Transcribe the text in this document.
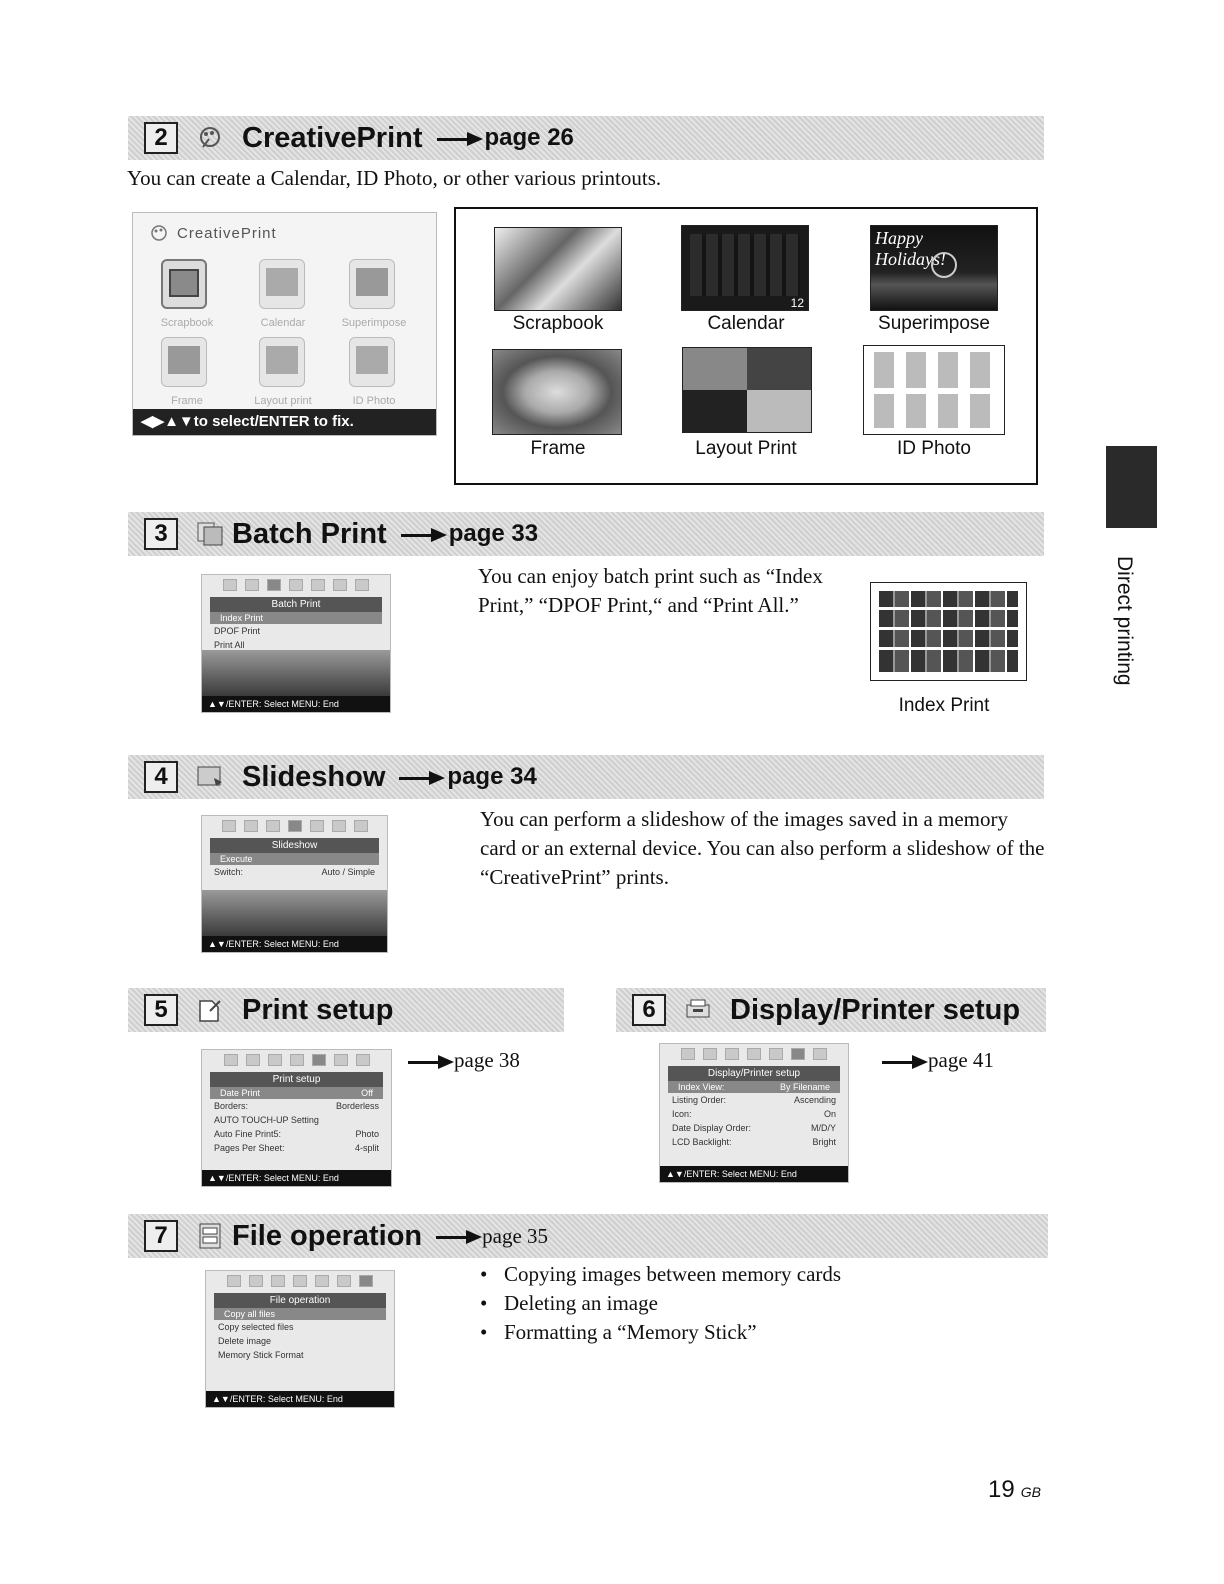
2	CreativePrint	page 26
You can create a Calendar, ID Photo, or other various printouts.
CreativePrint
Scrapbook	Calendar	Superimpose
Frame	Layout print	ID Photo
◀▶▲▼to select/ENTER to fix.
Scrapbook
12
Calendar
Happy Holidays!
Superimpose
Frame	Layout Print	ID Photo
3	Batch Print	page 33
Batch Print
Index Print
DPOF Print
Print All
▲▼/ENTER: Select MENU: End
You can enjoy batch print such as “Index Print,” “DPOF Print,“ and “Print All.”
Index Print
4	Slideshow	page 34
Slideshow
Execute
Switch:	Auto / Simple
▲▼/ENTER: Select MENU: End
You can perform a slideshow of the images saved in a memory card or an external device. You can also perform a slideshow of the “CreativePrint” prints.
5	Print setup
page 38
Print setup
Date Print	Off
Borders:	Borderless
AUTO TOUCH-UP Setting
Auto Fine Print5:	Photo
Pages Per Sheet:	4-split
▲▼/ENTER: Select MENU: End
6	Display/Printer setup
page 41
Display/Printer setup
Index View:	By Filename
Listing Order:	Ascending
Icon:	On
Date Display Order:	M/D/Y
LCD Backlight:	Bright
▲▼/ENTER: Select MENU: End
7	File operation	page 35
File operation
Copy all files
Copy selected files
Delete image
Memory Stick Format
▲▼/ENTER: Select MENU: End
• Copying images between memory cards
• Deleting an image
• Formatting a “Memory Stick”
Direct printing
19 GB
